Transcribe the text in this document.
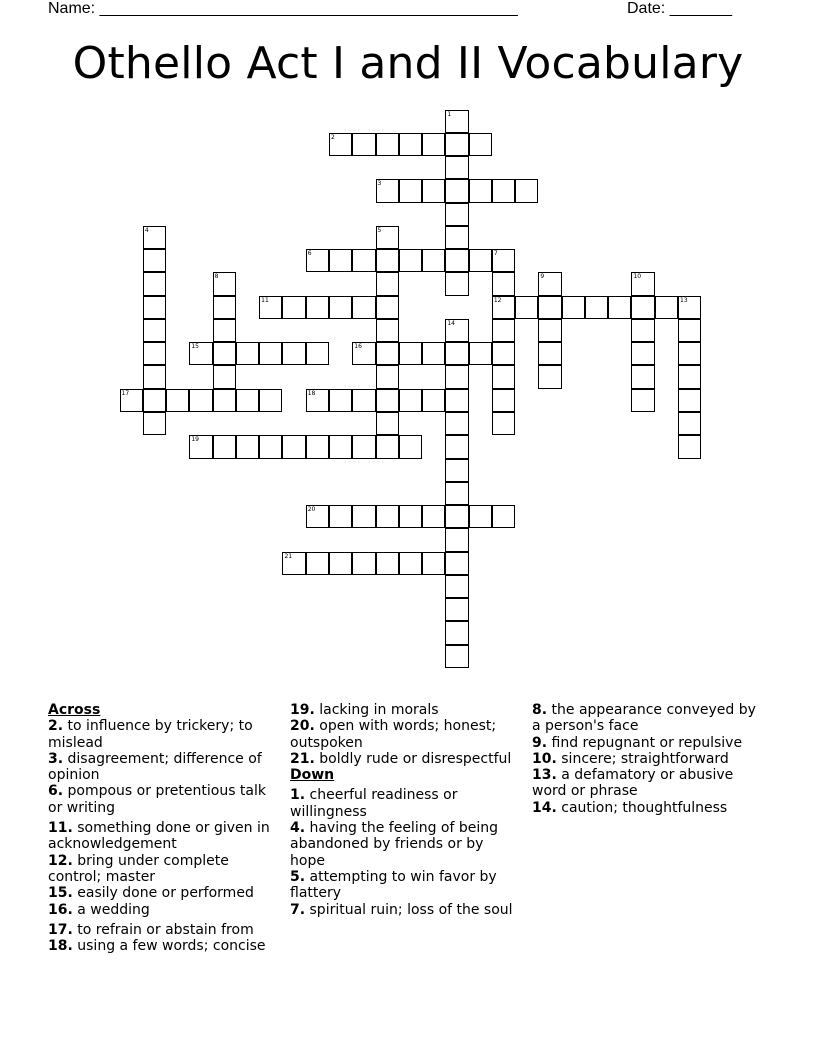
Name: _______________________________________________	Date: _______
Othello Act I and II Vocabulary
1
2
3
4	5
6	7
12
8	9	10
11	13
14
15	16
17	18
19
20
21
Across
2. to influence by trickery; to mislead
3. disagreement; difference of opinion
6. pompous or pretentious talk or writing
11. something done or given in acknowledgement
12. bring under complete control; master
15. easily done or performed
16. a wedding
17. to refrain or abstain from
18. using a few words; concise
19. lacking in morals
20. open with words; honest; outspoken
21. boldly rude or disrespectful
Down
1. cheerful readiness or willingness
4. having the feeling of being abandoned by friends or by hope
5. attempting to win favor by flattery
7. spiritual ruin; loss of the soul
8. the appearance conveyed by a person's face
9. find repugnant or repulsive
10. sincere; straightforward
13. a defamatory or abusive word or phrase
14. caution; thoughtfulness
